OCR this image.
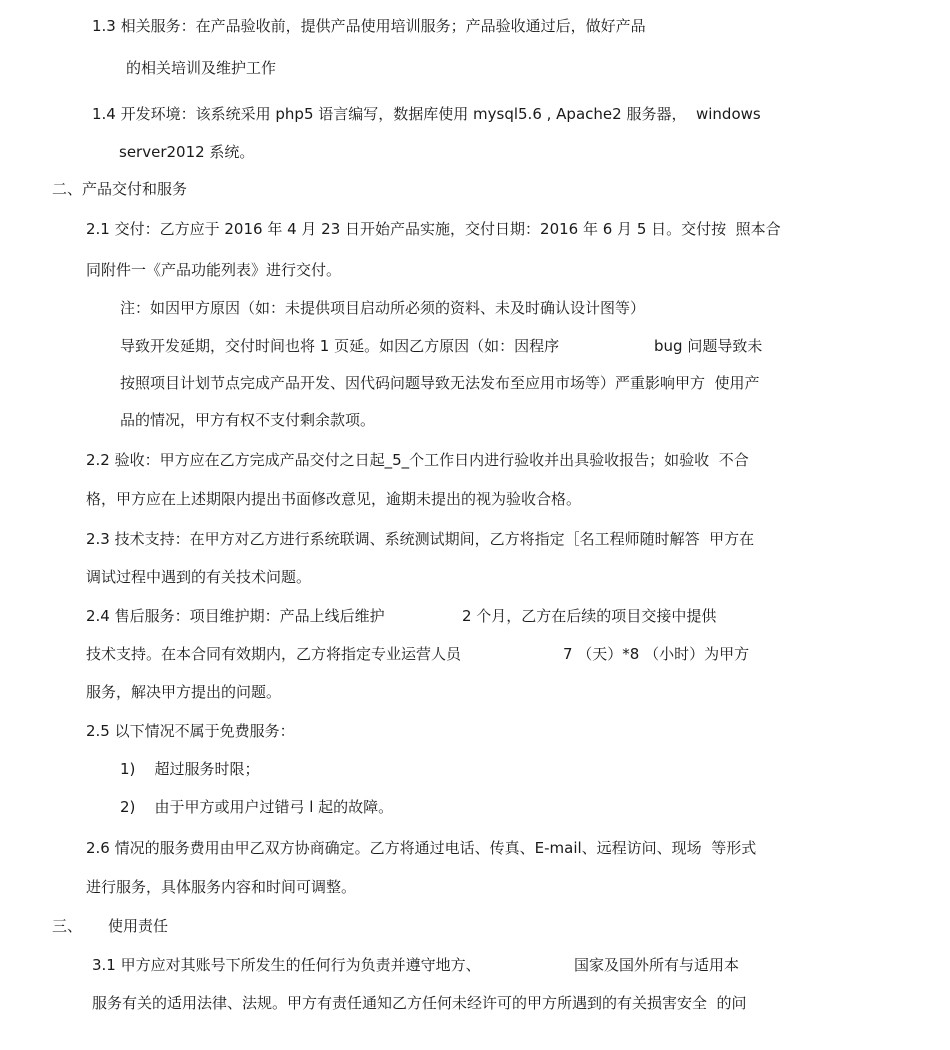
1.3 相关服务：在产品验收前，提供产品使用培训服务；产品验收通过后，做好产品
的相关培训及维护工作
1.4 开发环境：该系统采用 php5 语言编写，数据库使用 mysql5.6 , Apache2 服务器，  windows
server2012 系统。
二、产品交付和服务
2.1 交付：乙方应于 2016 年 4 月 23 日开始产品实施，交付日期：2016 年 6 月 5 日。交付按  照本合
同附件一《产品功能列表》进行交付。
注：如因甲方原因（如：未提供项目启动所必须的资料、未及时确认设计图等）
导致开发延期，交付时间也将 1 页延。如因乙方原因（如：因程序	bug 问题导致未
按照项目计划节点完成产品开发、因代码问题导致无法发布至应用市场等）严重影响甲方  使用产
品的情况，甲方有权不支付剩余款项。
2.2 验收：甲方应在乙方完成产品交付之日起_5_个工作日内进行验收并出具验收报告；如验收  不合
格，甲方应在上述期限内提出书面修改意见，逾期未提出的视为验收合格。
2.3 技术支持：在甲方对乙方进行系统联调、系统测试期间，乙方将指定［名工程师随时解答  甲方在
调试过程中遇到的有关技术问题。
2.4 售后服务：项目维护期：产品上线后维护	2 个月，乙方在后续的项目交接中提供
技术支持。在本合同有效期内，乙方将指定专业运营人员	7 （天）*8 （小时）为甲方
服务，解决甲方提出的问题。
2.5 以下情况不属于免费服务：
1)    超过服务时限；
2)    由于甲方或用户过错弓 l 起的故障。
2.6 情况的服务费用由甲乙双方协商确定。乙方将通过电话、传真、E-mail、远程访问、现场  等形式
进行服务，具体服务内容和时间可调整。
三、 使用责任
3.1 甲方应对其账号下所发生的任何行为负责并遵守地方、	国家及国外所有与适用本
服务有关的适用法律、法规。甲方有责任通知乙方任何未经许可的甲方所遇到的有关损害安全  的问
